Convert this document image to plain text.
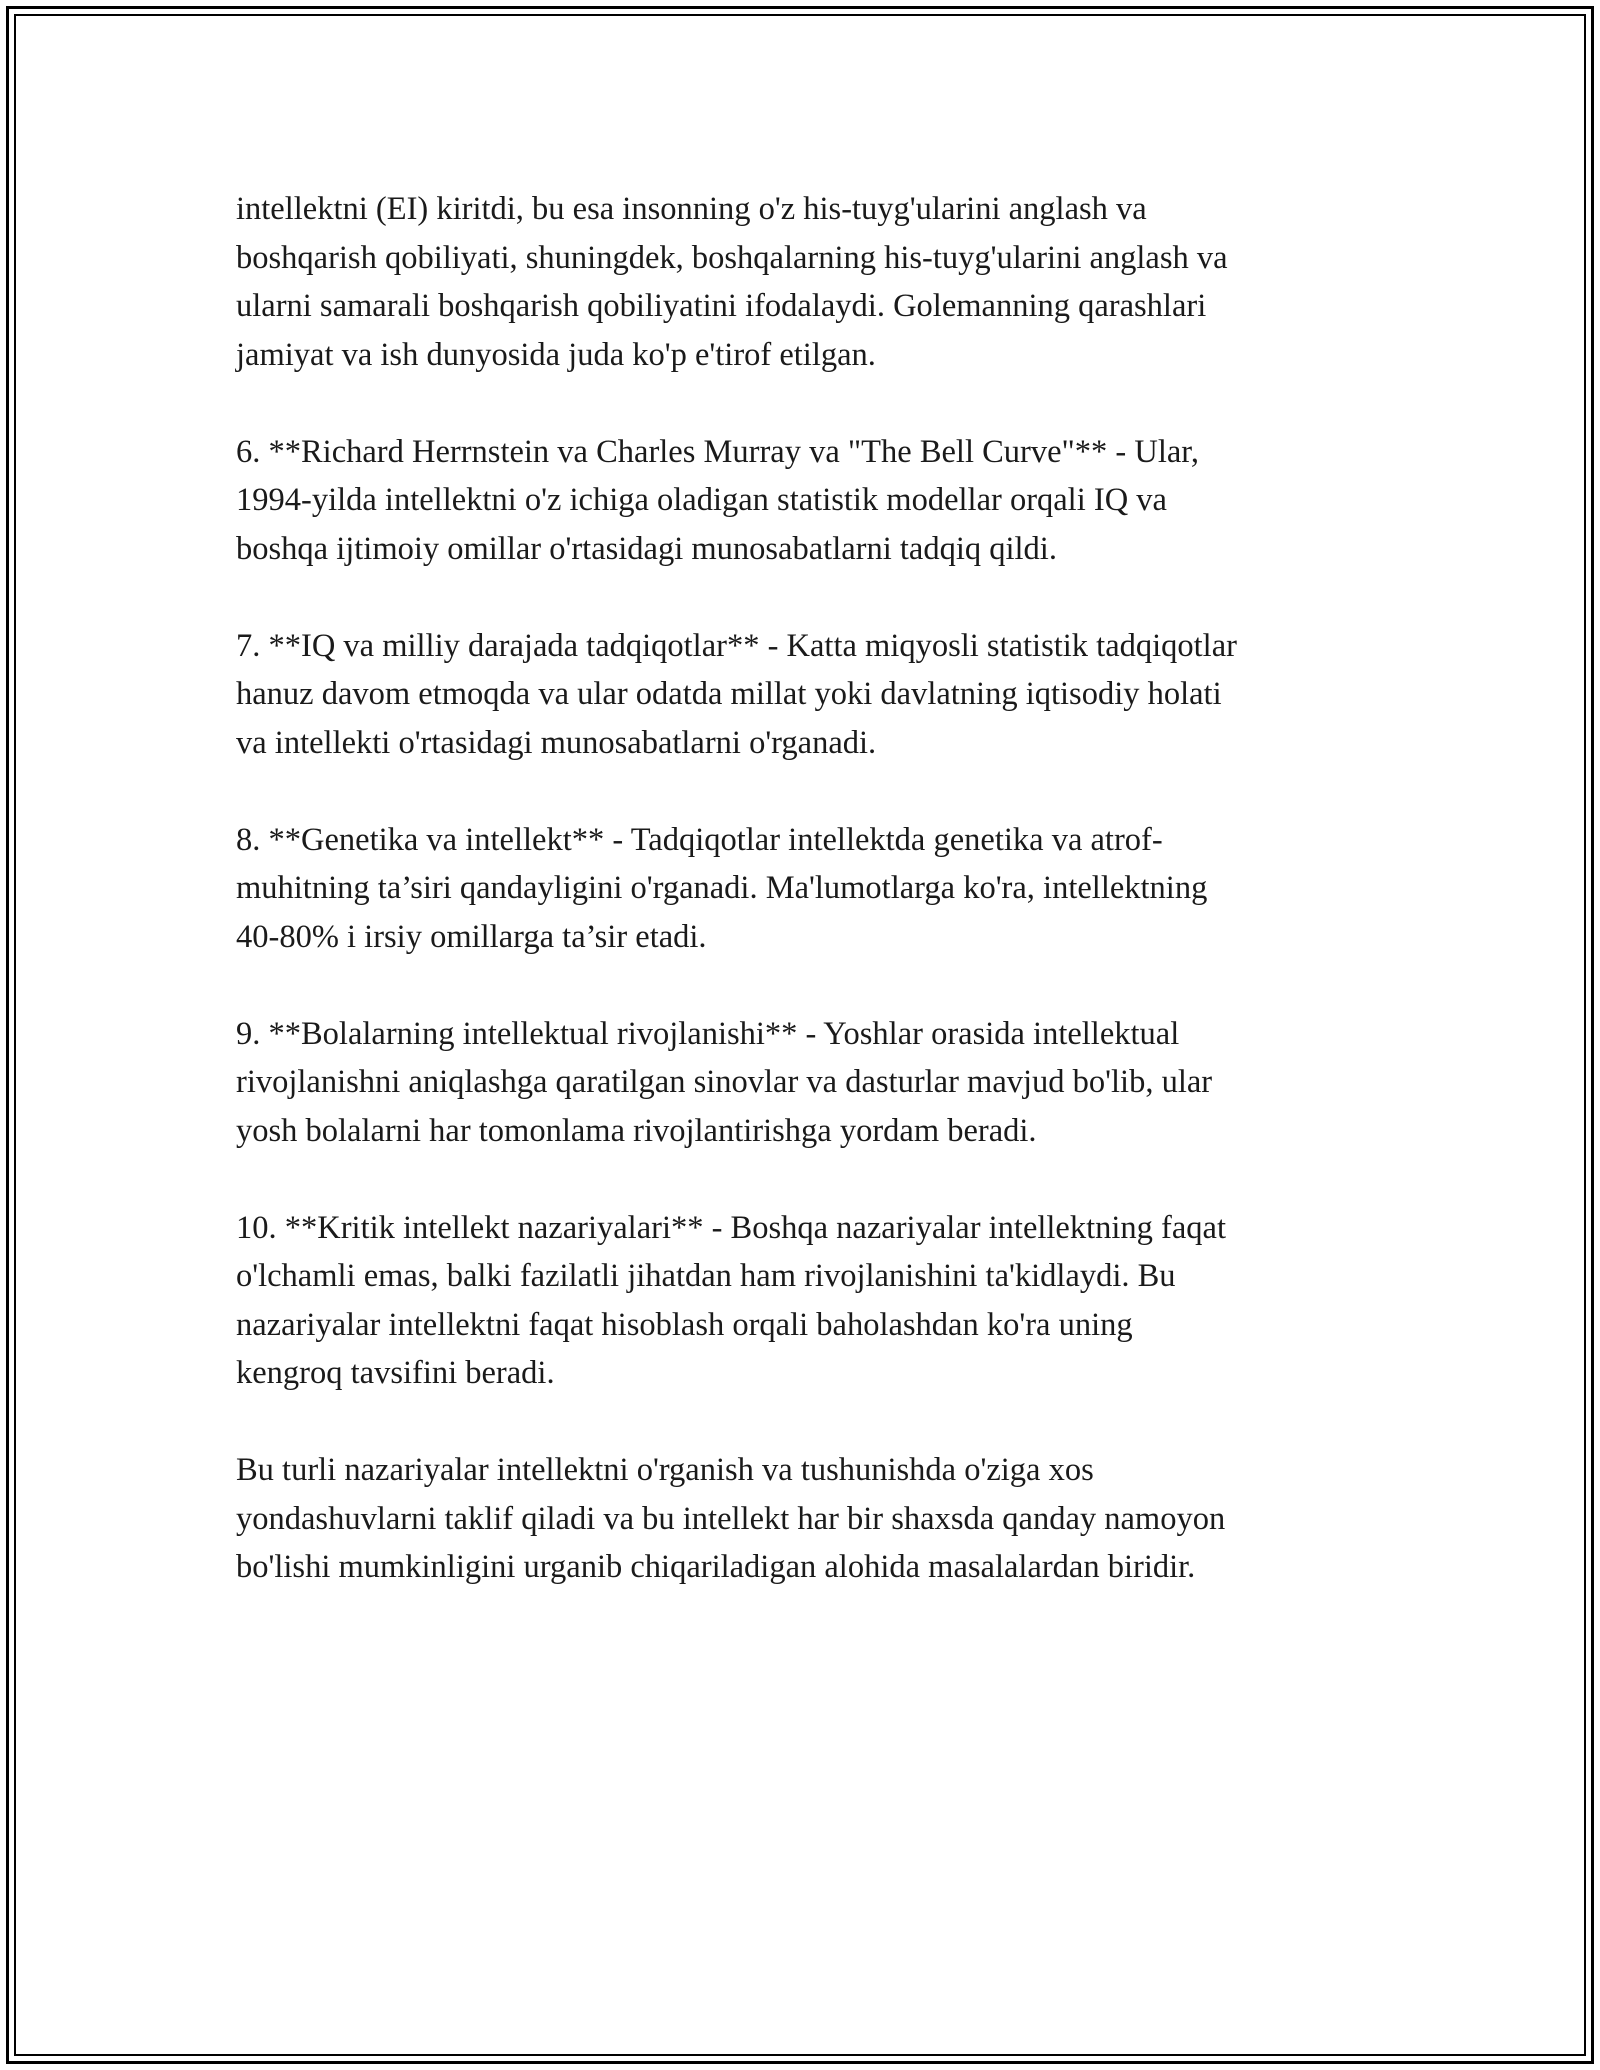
intellektni (EI) kiritdi, bu esa insonning o'z his-tuyg'ularini anglash va
boshqarish qobiliyati, shuningdek, boshqalarning his-tuyg'ularini anglash va
ularni samarali boshqarish qobiliyatini ifodalaydi. Golemanning qarashlari
jamiyat va ish dunyosida juda ko'p e'tirof etilgan.

6. **Richard Herrnstein va Charles Murray va "The Bell Curve"** - Ular,
1994-yilda intellektni o'z ichiga oladigan statistik modellar orqali IQ va
boshqa ijtimoiy omillar o'rtasidagi munosabatlarni tadqiq qildi.

7. **IQ va milliy darajada tadqiqotlar** - Katta miqyosli statistik tadqiqotlar
hanuz davom etmoqda va ular odatda millat yoki davlatning iqtisodiy holati
va intellekti o'rtasidagi munosabatlarni o'rganadi.

8. **Genetika va intellekt** - Tadqiqotlar intellektda genetika va atrof-
muhitning ta’siri qandayligini o'rganadi. Ma'lumotlarga ko'ra, intellektning
40-80% i irsiy omillarga ta’sir etadi.

9. **Bolalarning intellektual rivojlanishi** - Yoshlar orasida intellektual
rivojlanishni aniqlashga qaratilgan sinovlar va dasturlar mavjud bo'lib, ular
yosh bolalarni har tomonlama rivojlantirishga yordam beradi.

10. **Kritik intellekt nazariyalari** - Boshqa nazariyalar intellektning faqat
o'lchamli emas, balki fazilatli jihatdan ham rivojlanishini ta'kidlaydi. Bu
nazariyalar intellektni faqat hisoblash orqali baholashdan ko'ra uning
kengroq tavsifini beradi.

Bu turli nazariyalar intellektni o'rganish va tushunishda o'ziga xos
yondashuvlarni taklif qiladi va bu intellekt har bir shaxsda qanday namoyon
bo'lishi mumkinligini urganib chiqariladigan alohida masalalardan biridir.
